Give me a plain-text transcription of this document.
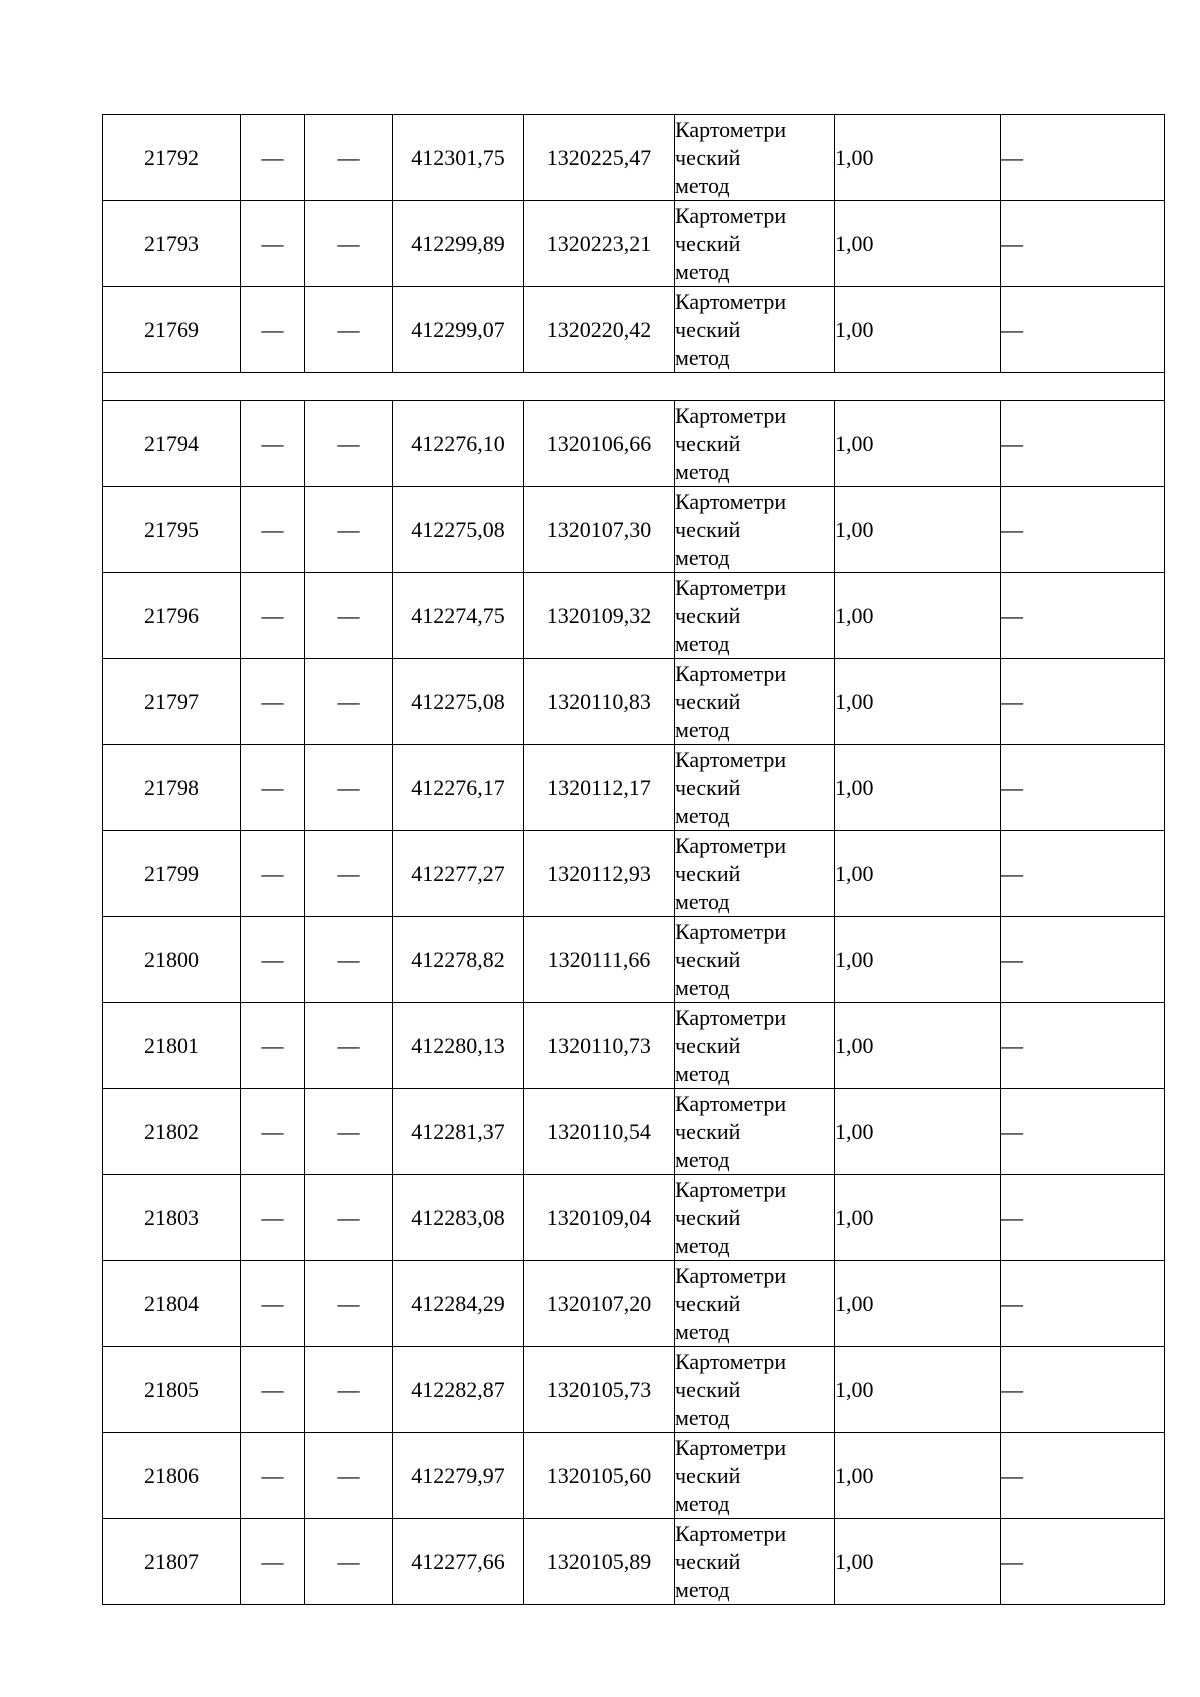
21792	—	—	412301,75	1320225,47	Картометри
ческий
метод	1,00	—
21793	—	—	412299,89	1320223,21	Картометри
ческий
метод	1,00	—
21769	—	—	412299,07	1320220,42	Картометри
ческий
метод	1,00	—

21794	—	—	412276,10	1320106,66	Картометри
ческий
метод	1,00	—
21795	—	—	412275,08	1320107,30	Картометри
ческий
метод	1,00	—
21796	—	—	412274,75	1320109,32	Картометри
ческий
метод	1,00	—
21797	—	—	412275,08	1320110,83	Картометри
ческий
метод	1,00	—
21798	—	—	412276,17	1320112,17	Картометри
ческий
метод	1,00	—
21799	—	—	412277,27	1320112,93	Картометри
ческий
метод	1,00	—
21800	—	—	412278,82	1320111,66	Картометри
ческий
метод	1,00	—
21801	—	—	412280,13	1320110,73	Картометри
ческий
метод	1,00	—
21802	—	—	412281,37	1320110,54	Картометри
ческий
метод	1,00	—
21803	—	—	412283,08	1320109,04	Картометри
ческий
метод	1,00	—
21804	—	—	412284,29	1320107,20	Картометри
ческий
метод	1,00	—
21805	—	—	412282,87	1320105,73	Картометри
ческий
метод	1,00	—
21806	—	—	412279,97	1320105,60	Картометри
ческий
метод	1,00	—
21807	—	—	412277,66	1320105,89	Картометри
ческий
метод	1,00	—
